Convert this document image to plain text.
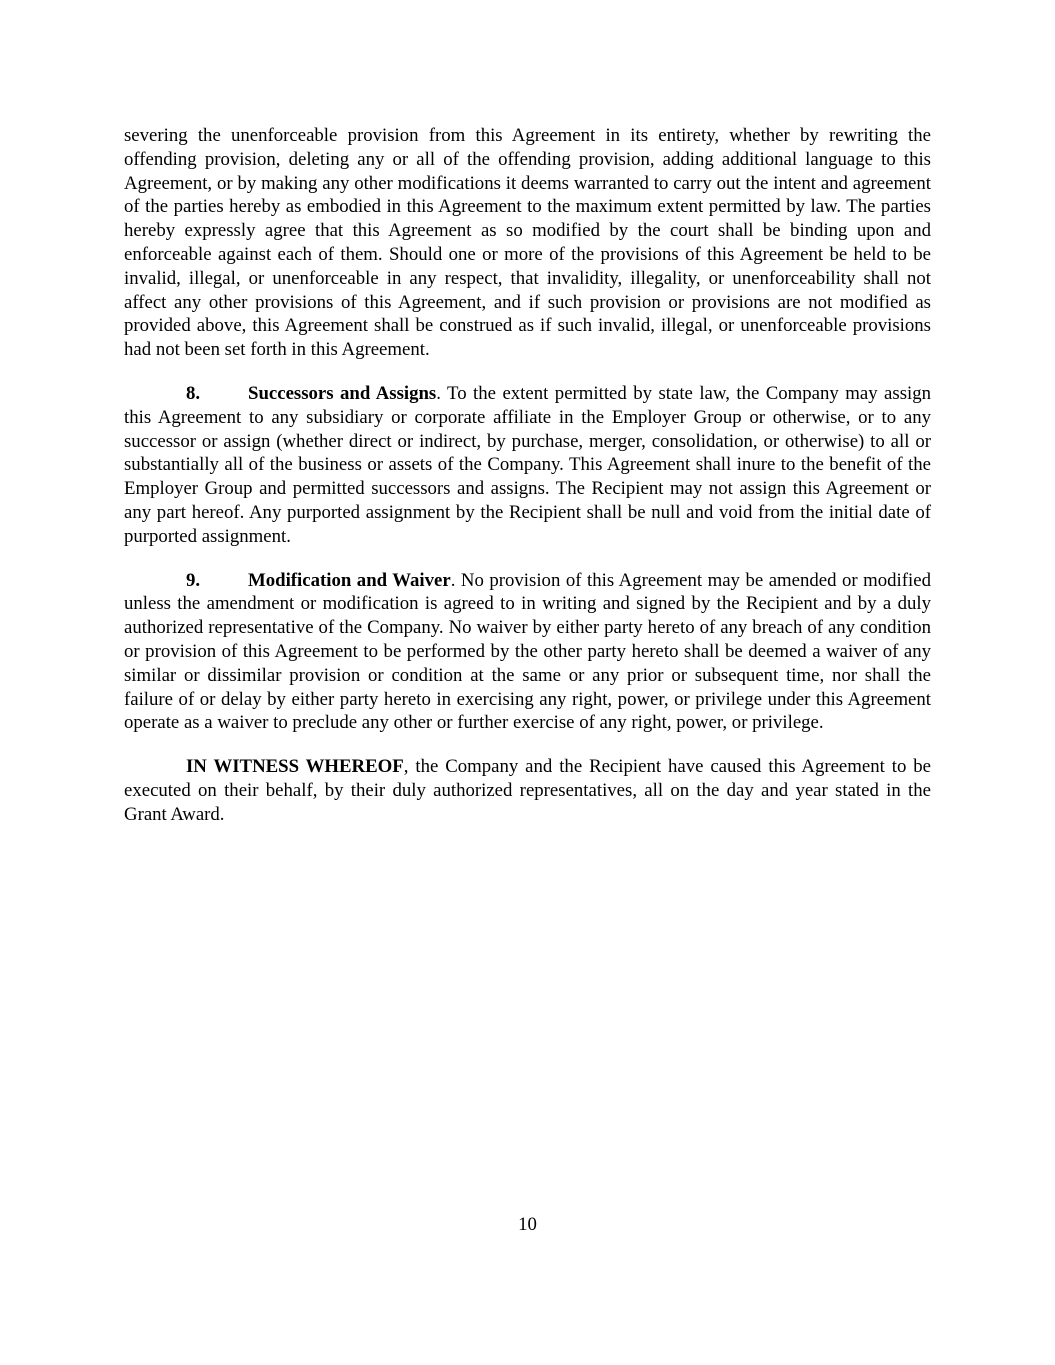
severing the unenforceable provision from this Agreement in its entirety, whether by rewriting the offending provision, deleting any or all of the offending provision, adding additional language to this Agreement, or by making any other modifications it deems warranted to carry out the intent and agreement of the parties hereby as embodied in this Agreement to the maximum extent permitted by law. The parties hereby expressly agree that this Agreement as so modified by the court shall be binding upon and enforceable against each of them. Should one or more of the provisions of this Agreement be held to be invalid, illegal, or unenforceable in any respect, that invalidity, illegality, or unenforceability shall not affect any other provisions of this Agreement, and if such provision or provisions are not modified as provided above, this Agreement shall be construed as if such invalid, illegal, or unenforceable provisions had not been set forth in this Agreement.

8.	Successors and Assigns. To the extent permitted by state law, the Company may assign this Agreement to any subsidiary or corporate affiliate in the Employer Group or otherwise, or to any successor or assign (whether direct or indirect, by purchase, merger, consolidation, or otherwise) to all or substantially all of the business or assets of the Company. This Agreement shall inure to the benefit of the Employer Group and permitted successors and assigns. The Recipient may not assign this Agreement or any part hereof. Any purported assignment by the Recipient shall be null and void from the initial date of purported assignment.

9.	Modification and Waiver. No provision of this Agreement may be amended or modified unless the amendment or modification is agreed to in writing and signed by the Recipient and by a duly authorized representative of the Company. No waiver by either party hereto of any breach of any condition or provision of this Agreement to be performed by the other party hereto shall be deemed a waiver of any similar or dissimilar provision or condition at the same or any prior or subsequent time, nor shall the failure of or delay by either party hereto in exercising any right, power, or privilege under this Agreement operate as a waiver to preclude any other or further exercise of any right, power, or privilege.

IN WITNESS WHEREOF, the Company and the Recipient have caused this Agreement to be executed on their behalf, by their duly authorized representatives, all on the day and year stated in the Grant Award.

10
